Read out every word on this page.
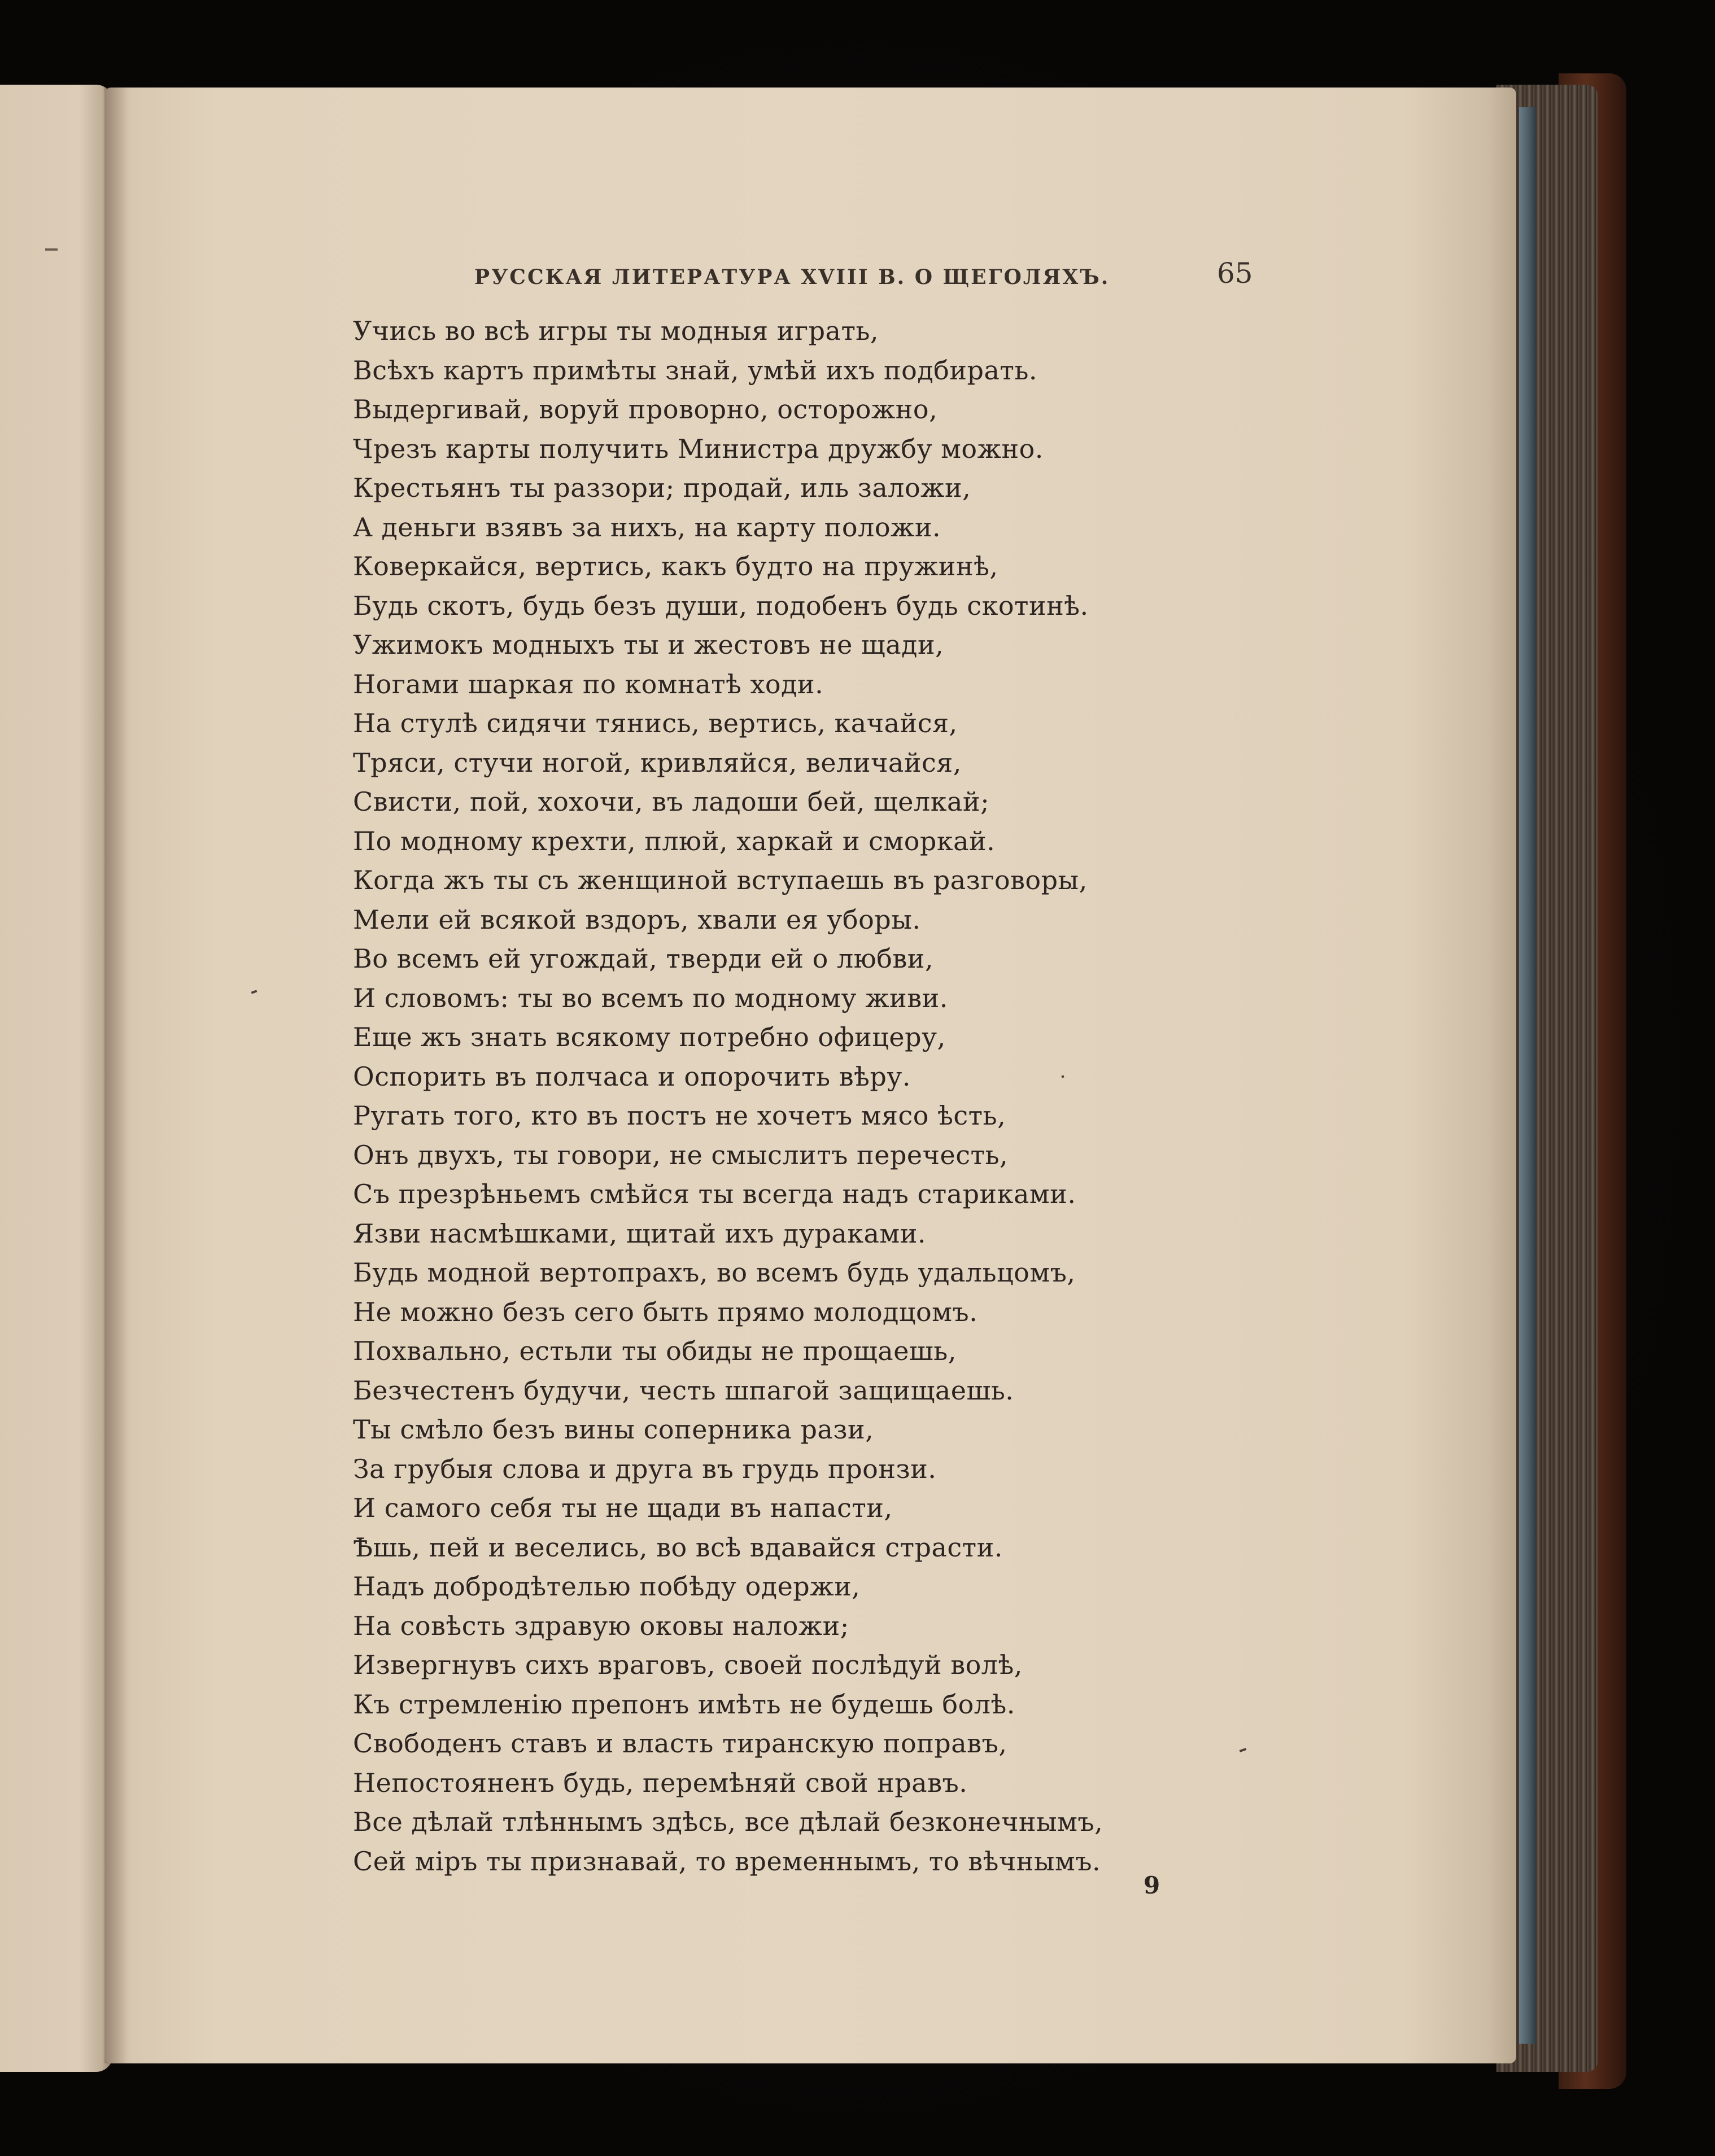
РУССКАЯ ЛИТЕРАТУРА XVIII В. О ЩЕГОЛЯХЪ.	65
Учись во всѣ игры ты модныя играть,
Всѣхъ картъ примѣты знай, умѣй ихъ подбирать.
Выдергивай, воруй проворно, осторожно,
Чрезъ карты получить Министра дружбу можно.
Крестьянъ ты раззори; продай, иль заложи,
А деньги взявъ за нихъ, на карту положи.
Коверкайся, вертись, какъ будто на пружинѣ,
Будь скотъ, будь безъ души, подобенъ будь скотинѣ.
Ужимокъ модныхъ ты и жестовъ не щади,
Ногами шаркая по комнатѣ ходи.
На стулѣ сидячи тянись, вертись, качайся,
Тряси, стучи ногой, кривляйся, величайся,
Свисти, пой, хохочи, въ ладоши бей, щелкай;
По модному крехти, плюй, харкай и сморкай.
Когда жъ ты съ женщиной вступаешь въ разговоры,
Мели ей всякой вздоръ, хвали ея уборы.
Во всемъ ей угождай, тверди ей о любви,
И словомъ: ты во всемъ по модному живи.
Еще жъ знать всякому потребно офицеру,
Оспорить въ полчаса и опорочить вѣру.
Ругать того, кто въ постъ не хочетъ мясо ѣсть,
Онъ двухъ, ты говори, не смыслитъ перечесть,
Съ презрѣньемъ смѣйся ты всегда надъ стариками.
Язви насмѣшками, щитай ихъ дураками.
Будь модной вертопрахъ, во всемъ будь удальцомъ,
Не можно безъ сего быть прямо молодцомъ.
Похвально, естьли ты обиды не прощаешь,
Безчестенъ будучи, честь шпагой защищаешь.
Ты смѣло безъ вины соперника рази,
За грубыя слова и друга въ грудь пронзи.
И самого себя ты не щади въ напасти,
Ѣшь, пей и веселись, во всѣ вдавайся страсти.
Надъ добродѣтелью побѣду одержи,
На совѣсть здравую оковы наложи;
Извергнувъ сихъ враговъ, своей послѣдуй волѣ,
Къ стремленію препонъ имѣть не будешь болѣ.
Свободенъ ставъ и власть тиранскую поправъ,
Непостояненъ будь, перемѣняй свой нравъ.
Все дѣлай тлѣннымъ здѣсь, все дѣлай безконечнымъ,
Сей міръ ты признавай, то временнымъ, то вѣчнымъ.
9
